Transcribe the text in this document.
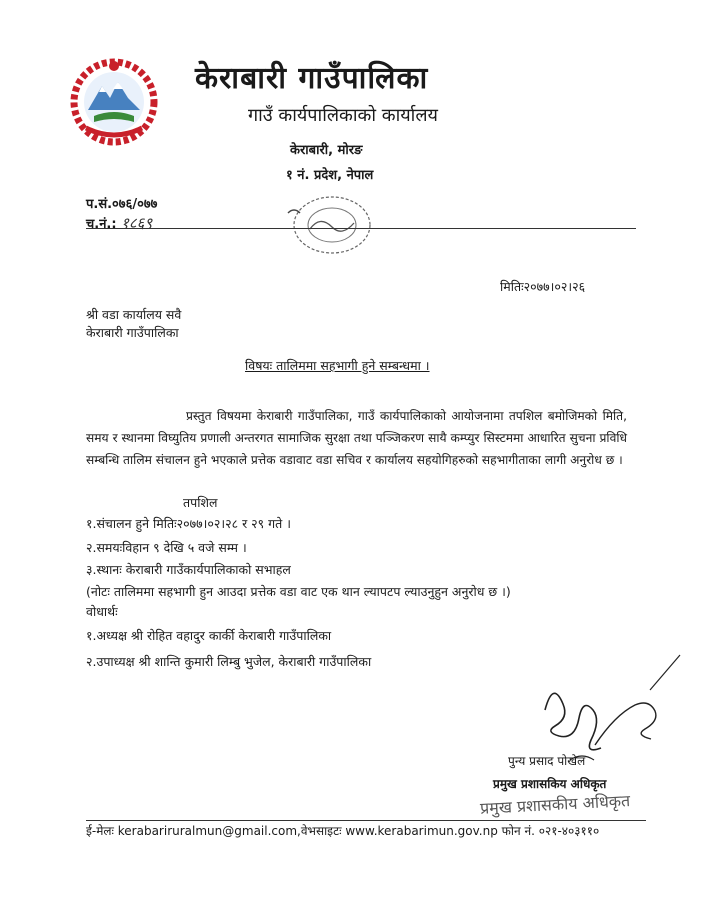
केराबारी गाउँपालिका
गाउँ कार्यपालिकाको कार्यालय
केराबारी, मोरङ
१ नं. प्रदेश, नेपाल
प.सं.०७६/०७७
च.नं.: १८६९
मितिः२०७७।०२।२६
श्री वडा कार्यालय सवै
केराबारी गाउँपालिका
विषयः तालिममा सहभागी हुने सम्बन्धमा ।
प्रस्तुत विषयमा केराबारी गाउँपालिका, गाउँ कार्यपालिकाको आयोजनामा तपशिल बमोजिमको मिति, समय र स्थानमा विघ्युतिय प्रणाली अन्तरगत सामाजिक सुरक्षा तथा पञ्जिकरण सायै कम्प्युर सिस्टममा आधारित सुचना प्रविधि सम्बन्धि तालिम संचालन हुने भएकाले प्रत्तेक वडावाट वडा सचिव र कार्यालय सहयोगिहरुको सहभागीताका लागी अनुरोध छ ।
तपशिल
१.संचालन हुने मितिः२०७७।०२।२८ र २९ गते ।
२.समयःविहान ९ देखि ५ वजे सम्म ।
३.स्थानः केराबारी गाउँकार्यपालिकाको सभाहल
(नोटः तालिममा सहभागी हुन आउदा प्रत्तेक वडा वाट एक थान ल्यापटप ल्याउनुहुन अनुरोध छ ।)
वोधार्थः
१.अध्यक्ष श्री रोहित वहादुर कार्की केराबारी गाउँपालिका
२.उपाध्यक्ष श्री शान्ति कुमारी लिम्बु भुजेल, केराबारी गाउँपालिका
पुन्य प्रसाद पोखेल
प्रमुख प्रशासकिय अधिकृत
प्रमुख प्रशासकीय अधिकृत
ई-मेलः kerabariruralmun@gmail.com,वेभसाइटः www.kerabarimun.gov.np फोन नं. ०२१-४०३११०
